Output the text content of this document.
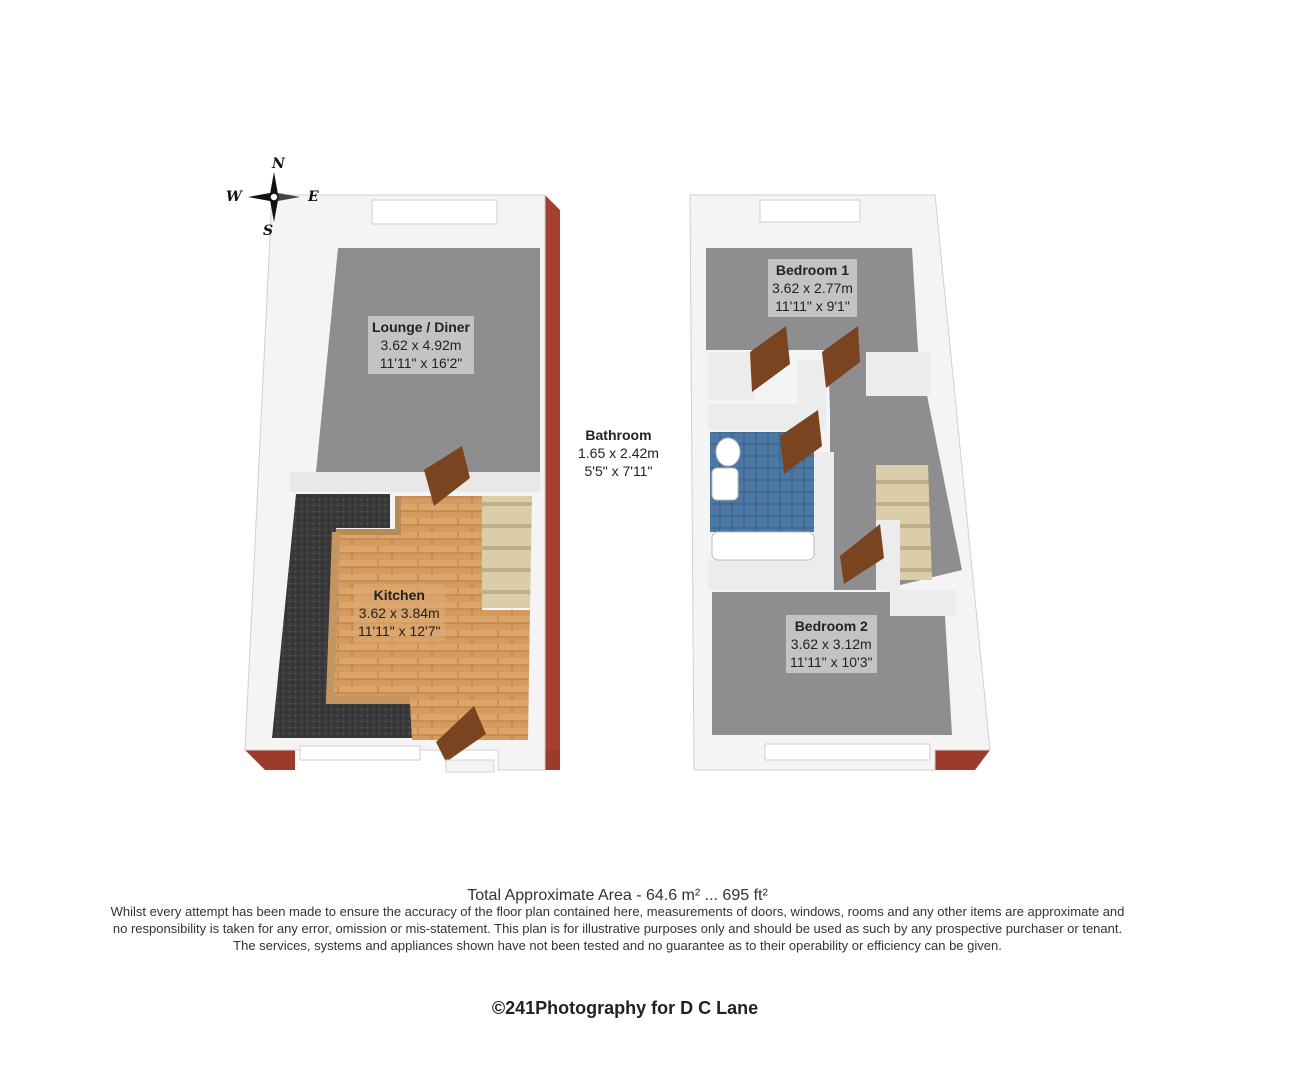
N
S
W	E
Lounge / Diner
3.62 x 4.92m
11'11" x 16'2"
Kitchen
3.62 x 3.84m
11'11" x 12'7"
Bathroom
1.65 x 2.42m
5'5" x 7'11"
Bedroom 1
3.62 x 2.77m
11'11" x 9'1"
Bedroom 2
3.62 x 3.12m
11'11" x 10'3"
Total Approximate Area - 64.6 m² ... 695 ft²
Whilst every attempt has been made to ensure the accuracy of the floor plan contained here, measurements of doors, windows, rooms and any other items are approximate and
no responsibility is taken for any error, omission or mis-statement. This plan is for illustrative purposes only and should be used as such by any prospective purchaser or tenant.
The services, systems and appliances shown have not been tested and no guarantee as to their operability or efficiency can be given.
©241Photography for D C Lane
